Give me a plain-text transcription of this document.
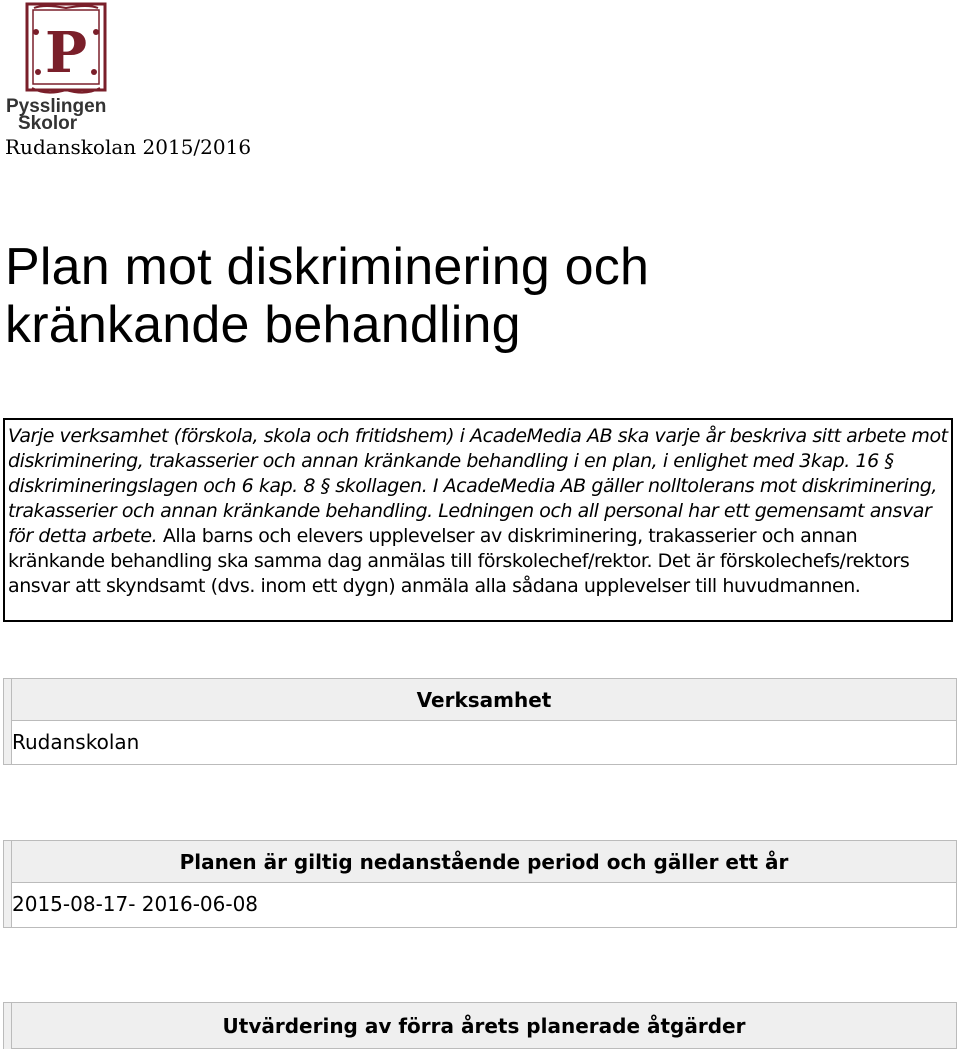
P
Pysslingen
Skolor
Rudanskolan 2015/2016
Plan mot diskriminering och
kränkande behandling

Varje verksamhet (förskola, skola och fritidshem) i AcadeMedia AB ska varje år beskriva sitt arbete mot diskriminering, trakasserier och annan kränkande behandling i en plan, i enlighet med 3kap. 16 § diskrimineringslagen och 6 kap. 8 § skollagen. I AcadeMedia AB gäller nolltolerans mot diskriminering, trakasserier och annan kränkande behandling. Ledningen och all personal har ett gemensamt ansvar för detta arbete. Alla barns och elevers upplevelser av diskriminering, trakasserier och annan kränkande behandling ska samma dag anmälas till förskolechef/rektor. Det är förskolechefs/rektors ansvar att skyndsamt (dvs. inom ett dygn) anmäla alla sådana upplevelser till huvudmannen.

Verksamhet
Rudanskolan
Planen är giltig nedanstående period och gäller ett år
2015-08-17- 2016-06-08
Utvärdering av förra årets planerade åtgärder
